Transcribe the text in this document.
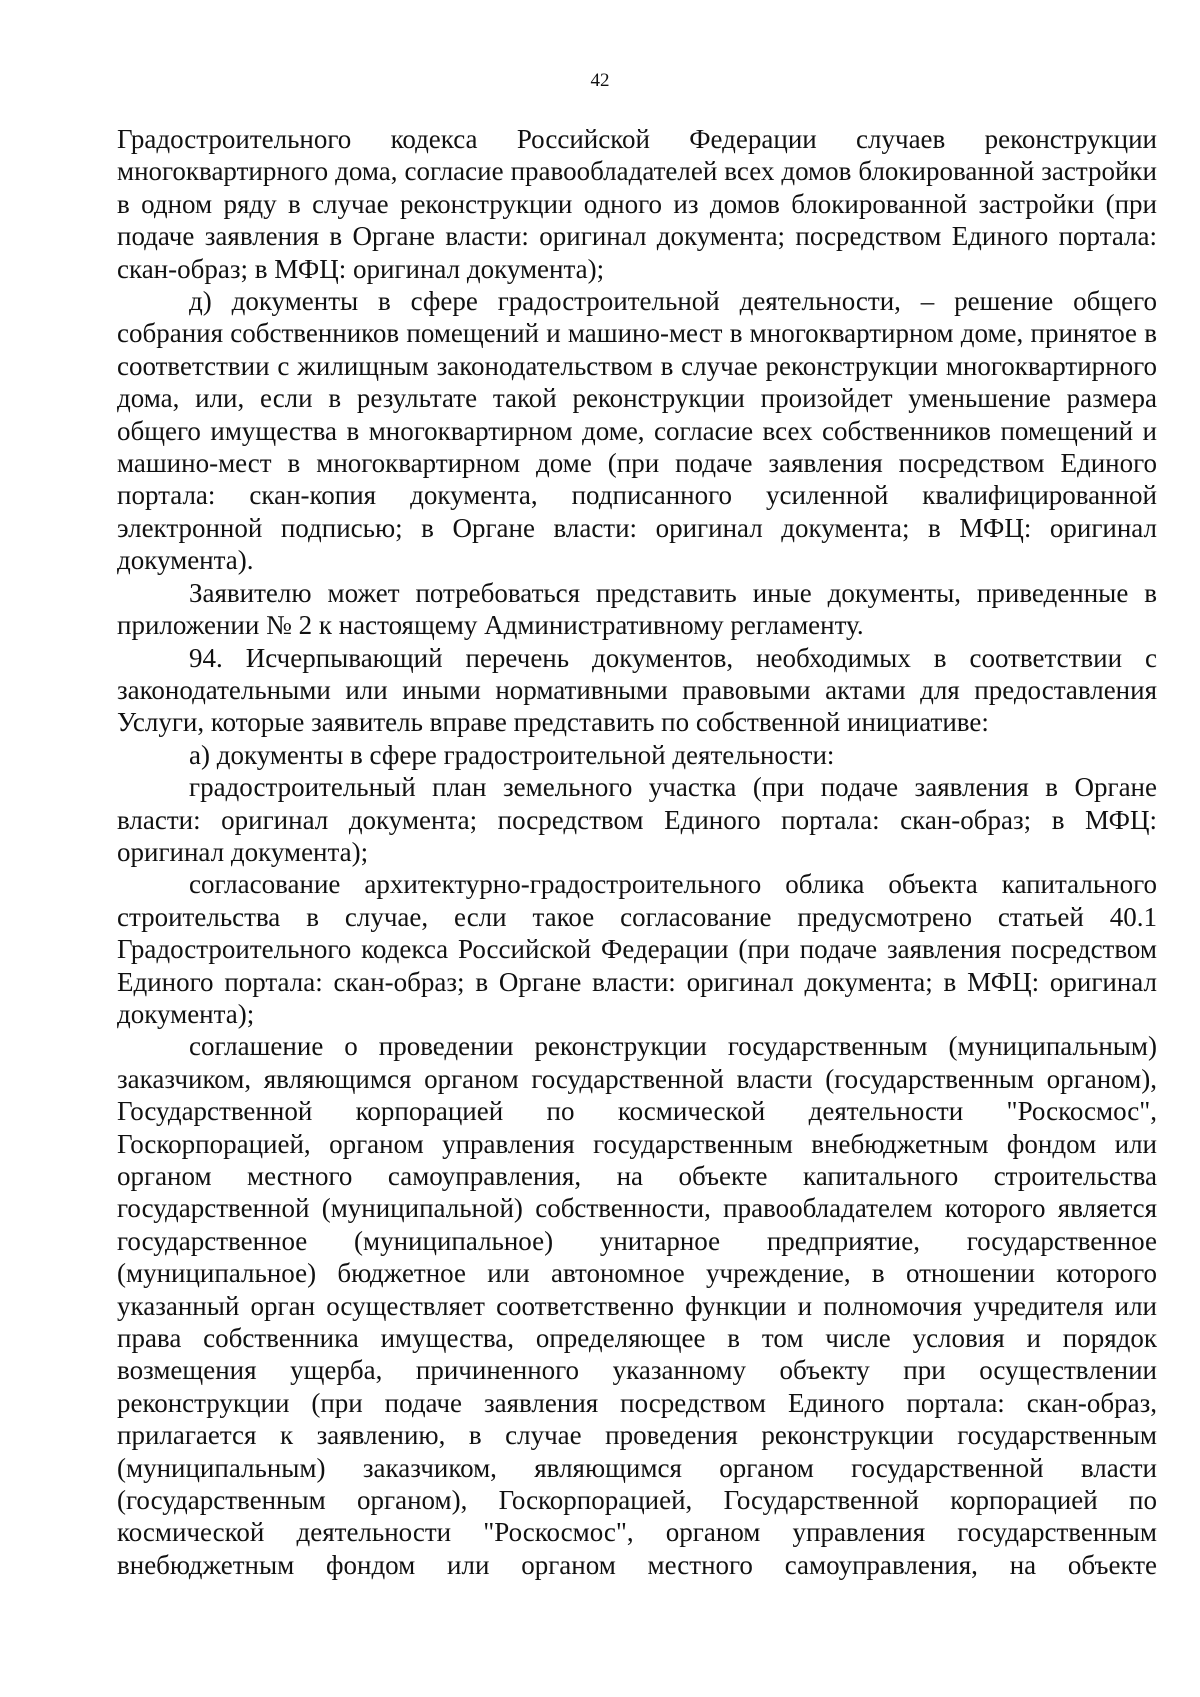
42

Градостроительного кодекса Российской Федерации случаев реконструкции многоквартирного дома, согласие правообладателей всех домов блокированной застройки в одном ряду в случае реконструкции одного из домов блокированной застройки (при подаче заявления в Органе власти: оригинал документа; посредством Единого портала: скан-образ; в МФЦ: оригинал документа);

д) документы в сфере градостроительной деятельности, – решение общего собрания собственников помещений и машино-мест в многоквартирном доме, принятое в соответствии с жилищным законодательством в случае реконструкции многоквартирного дома, или, если в результате такой реконструкции произойдет уменьшение размера общего имущества в многоквартирном доме, согласие всех собственников помещений и машино-мест в многоквартирном доме (при подаче заявления посредством Единого портала: скан-копия документа, подписанного усиленной квалифицированной электронной подписью; в Органе власти: оригинал документа; в МФЦ: оригинал документа).

Заявителю может потребоваться представить иные документы, приведенные в приложении № 2 к настоящему Административному регламенту.

94. Исчерпывающий перечень документов, необходимых в соответствии с законодательными или иными нормативными правовыми актами для предоставления Услуги, которые заявитель вправе представить по собственной инициативе:

а) документы в сфере градостроительной деятельности:

градостроительный план земельного участка (при подаче заявления в Органе власти: оригинал документа; посредством Единого портала: скан-образ; в МФЦ: оригинал документа);

согласование архитектурно-градостроительного облика объекта капитального строительства в случае, если такое согласование предусмотрено статьей 40.1 Градостроительного кодекса Российской Федерации (при подаче заявления посредством Единого портала: скан-образ; в Органе власти: оригинал документа; в МФЦ: оригинал документа);

соглашение о проведении реконструкции государственным (муниципальным) заказчиком, являющимся органом государственной власти (государственным органом), Государственной корпорацией по космической деятельности "Роскосмос", Госкорпорацией, органом управления государственным внебюджетным фондом или органом местного самоуправления, на объекте капитального строительства государственной (муниципальной) собственности, правообладателем которого является государственное (муниципальное) унитарное предприятие, государственное (муниципальное) бюджетное или автономное учреждение, в отношении которого указанный орган осуществляет соответственно функции и полномочия учредителя или права собственника имущества, определяющее в том числе условия и порядок возмещения ущерба, причиненного указанному объекту при осуществлении реконструкции (при подаче заявления посредством Единого портала: скан-образ, прилагается к заявлению, в случае проведения реконструкции государственным (муниципальным) заказчиком, являющимся органом государственной власти (государственным органом), Госкорпорацией, Государственной корпорацией по космической деятельности "Роскосмос", органом управления государственным внебюджетным фондом или органом местного самоуправления, на объекте
